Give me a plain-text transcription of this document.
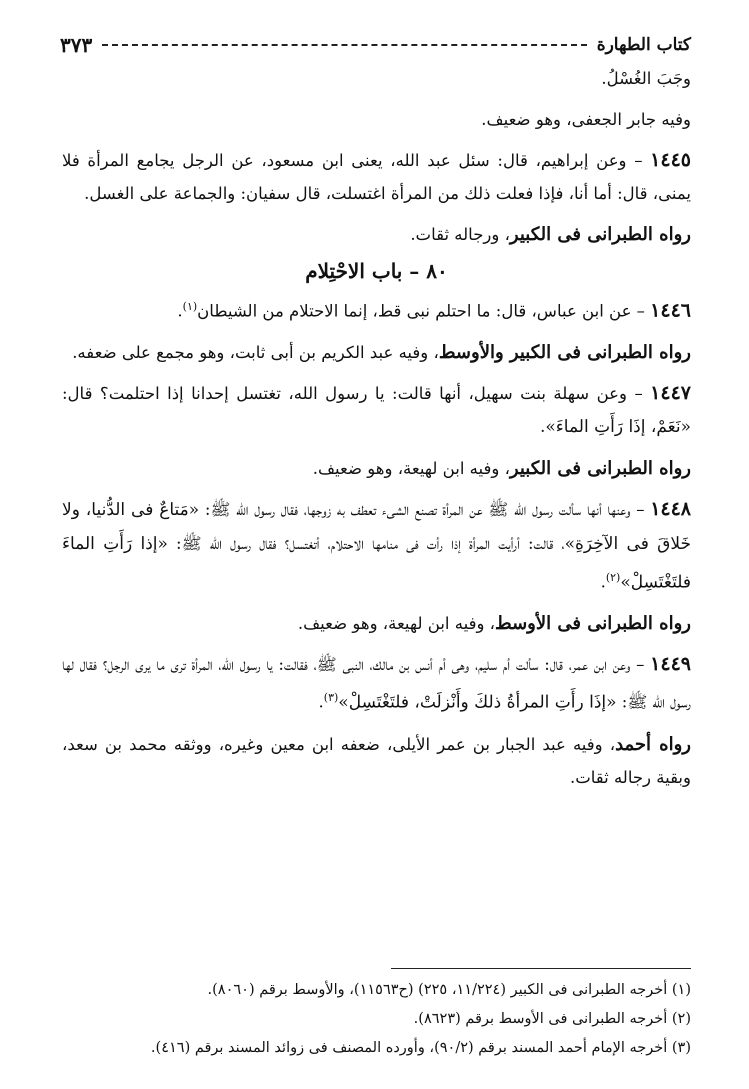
كتاب الطهارة
٣٧٣

وجَبَ الغُسْلُ.

وفيه جابر الجعفى، وهو ضعيف.

١٤٤٥ – وعن إبراهيم، قال: سئل عبد الله، يعنى ابن مسعود، عن الرجل يجامع المرأة فلا يمنى، قال: أما أنا، فإذا فعلت ذلك من المرأة اغتسلت، قال سفيان: والجماعة على الغسل.

رواه الطبرانى فى الكبير، ورجاله ثقات.

٨٠ – باب الاحْتِلام

١٤٤٦ – عن ابن عباس، قال: ما احتلم نبى قط، إنما الاحتلام من الشيطان$^{(١)}$.

رواه الطبرانى فى الكبير والأوسط، وفيه عبد الكريم بن أبى ثابت، وهو مجمع على ضعفه.

١٤٤٧ – وعن سهلة بنت سهيل، أنها قالت: يا رسول الله، تغتسل إحدانا إذا احتلمت؟ قال: «نَعَمْ، إذَا رَأَتِ الماءَ».

رواه الطبرانى فى الكبير، وفيه ابن لهيعة، وهو ضعيف.

١٤٤٨ – وعنها أنها سألت رسول الله ﷺ عن المرأة تصنع الشىء تعطف به زوجها، فقال رسول الله ﷺ: «مَتاعٌ فى الدُّنيا، ولا خَلاقَ فى الآخِرَةِ»، قالت: أرأيت المرأة إذا رأت فى منامها الاحتلام، أتغتسل؟ فقال رسول الله ﷺ: «إذا رَأَتِ الماءَ فلتَغْتَسِلْ»$^{(٢)}$.

رواه الطبرانى فى الأوسط، وفيه ابن لهيعة، وهو ضعيف.

١٤٤٩ – وعن ابن عمر، قال: سألت أم سليم، وهى أم أنس بن مالك، النبى ﷺ، فقالت: يا رسول الله، المرأة ترى ما يرى الرجل؟ فقال لها رسول الله ﷺ: «إذَا رأَتِ المرأةُ ذلكَ وأَنْزلَتْ، فلتَغْتَسِلْ»$^{(٣)}$.

رواه أحمد، وفيه عبد الجبار بن عمر الأيلى، ضعفه ابن معين وغيره، ووثقه محمد بن سعد، وبقية رجاله ثقات.

(١) أخرجه الطبرانى فى الكبير (١١/٢٢٤، ٢٢٥) (ح١١٥٦٣)، والأوسط برقم (٨٠٦٠).

(٢) أخرجه الطبرانى فى الأوسط برقم (٨٦٢٣).

(٣) أخرجه الإمام أحمد المسند برقم (٩٠/٢)، وأورده المصنف فى زوائد المسند برقم (٤١٦).
